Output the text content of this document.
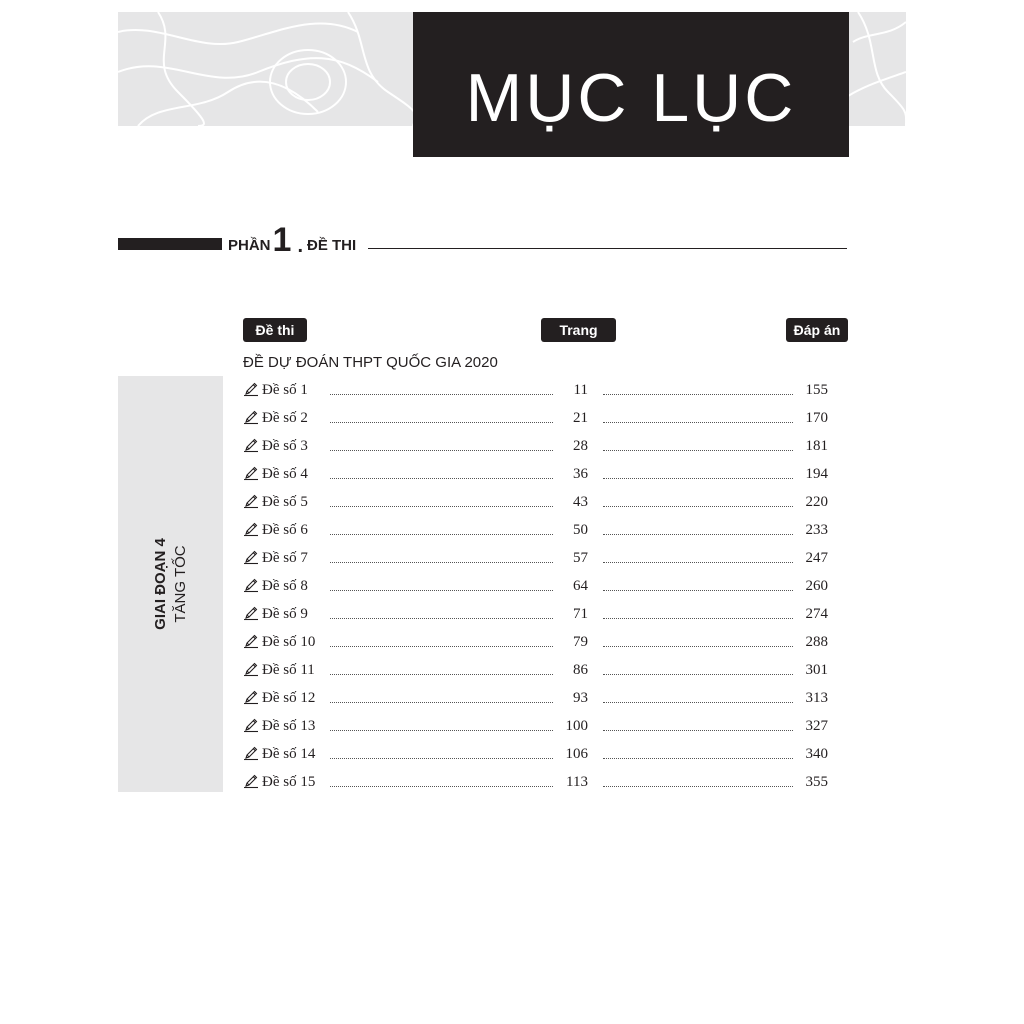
MỤC LỤC
PHẦN 1 . ĐỀ THI
Đề thi	Trang	Đáp án
ĐỀ DỰ ĐOÁN THPT QUỐC GIA 2020
GIAI ĐOẠN 4 TĂNG TỐC
Đề số 1	11	155
Đề số 2	21	170
Đề số 3	28	181
Đề số 4	36	194
Đề số 5	43	220
Đề số 6	50	233
Đề số 7	57	247
Đề số 8	64	260
Đề số 9	71	274
Đề số 10	79	288
Đề số 11	86	301
Đề số 12	93	313
Đề số 13	100	327
Đề số 14	106	340
Đề số 15	113	355
